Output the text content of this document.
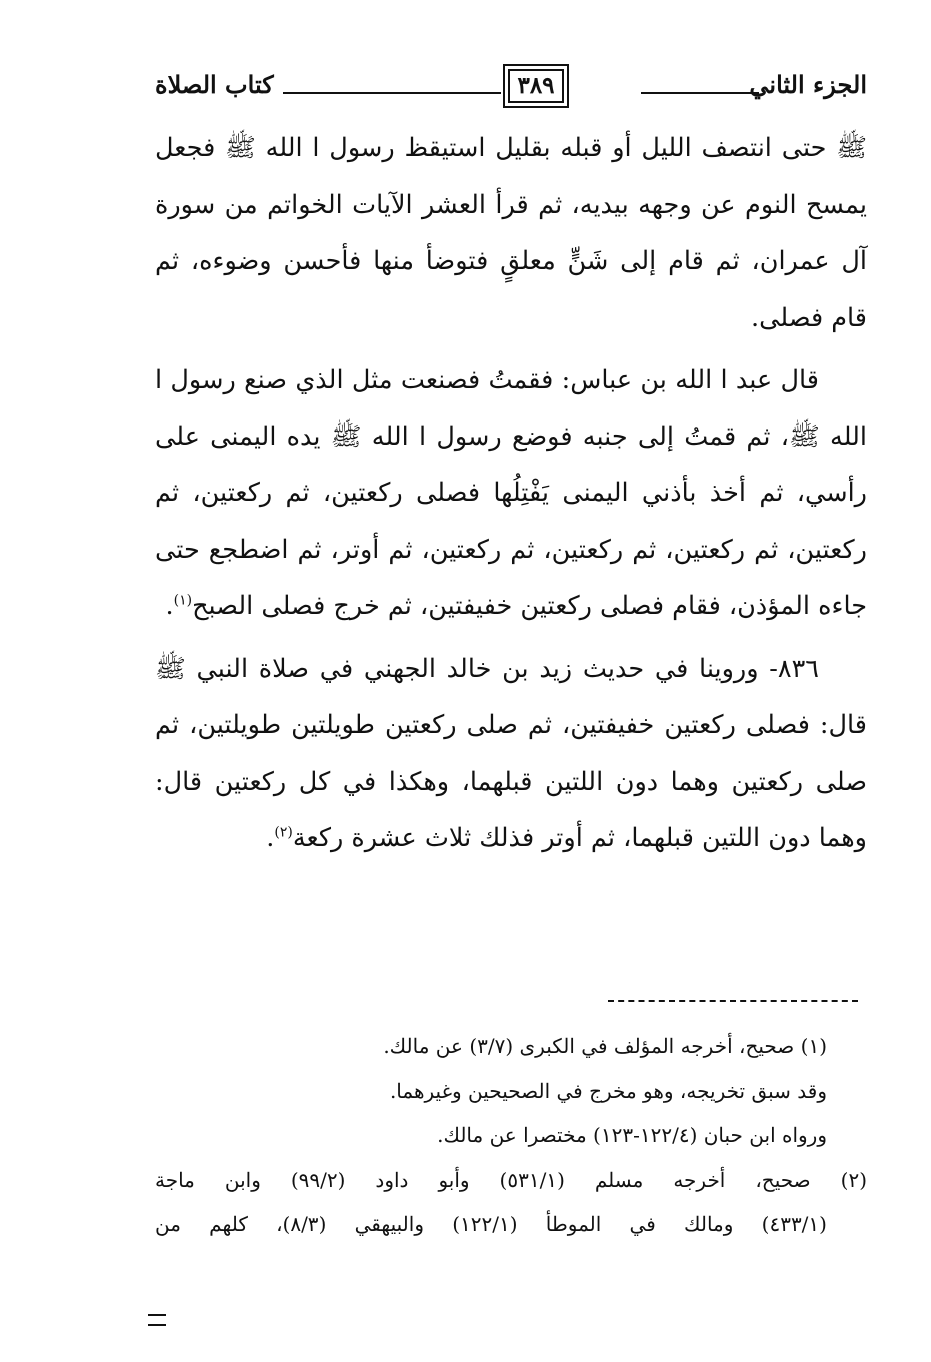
الجزء الثاني
٣٨٩
كتاب الصلاة

ﷺ حتى انتصف الليل أو قبله بقليل استيقظ رسول ا الله ﷺ فجعل يمسح النوم عن وجهه بيديه، ثم قرأ العشر الآيات الخواتم من سورة آل عمران، ثم قام إلى شَنٍّ معلقٍ فتوضأ منها فأحسن وضوءه، ثم قام فصلى.

قال عبد ا الله بن عباس: فقمتُ فصنعت مثل الذي صنع رسول ا الله ﷺ، ثم قمتُ إلى جنبه فوضع رسول ا الله ﷺ يده اليمنى على رأسي، ثم أخذ بأذني اليمنى يَفْتِلُها فصلى ركعتين، ثم ركعتين، ثم ركعتين، ثم ركعتين، ثم ركعتين، ثم ركعتين، ثم أوتر، ثم اضطجع حتى جاءه المؤذن، فقام فصلى ركعتين خفيفتين، ثم خرج فصلى الصبح$^{(١)}$.

٨٣٦- وروينا في حديث زيد بن خالد الجهني في صلاة النبي ﷺ قال: فصلى ركعتين خفيفتين، ثم صلى ركعتين طويلتين طويلتين، ثم صلى ركعتين وهما دون اللتين قبلهما، وهكذا في كل ركعتين قال: وهما دون اللتين قبلهما، ثم أوتر فذلك ثلاث عشرة ركعة$^{(٢)}$.

(١) صحيح، أخرجه المؤلف في الكبرى (٣/٧) عن مالك.

وقد سبق تخريجه، وهو مخرج في الصحيحين وغيرهما.

ورواه ابن حبان (١٢٢/٤-١٢٣) مختصرا عن مالك.

(٢) صحيح، أخرجه مسلم (٥٣١/١) وأبو داود (٩٩/٢) وابن ماجة

(٤٣٣/١) ومالك في الموطأ (١٢٢/١) والبيهقي (٨/٣)، كلهم من
